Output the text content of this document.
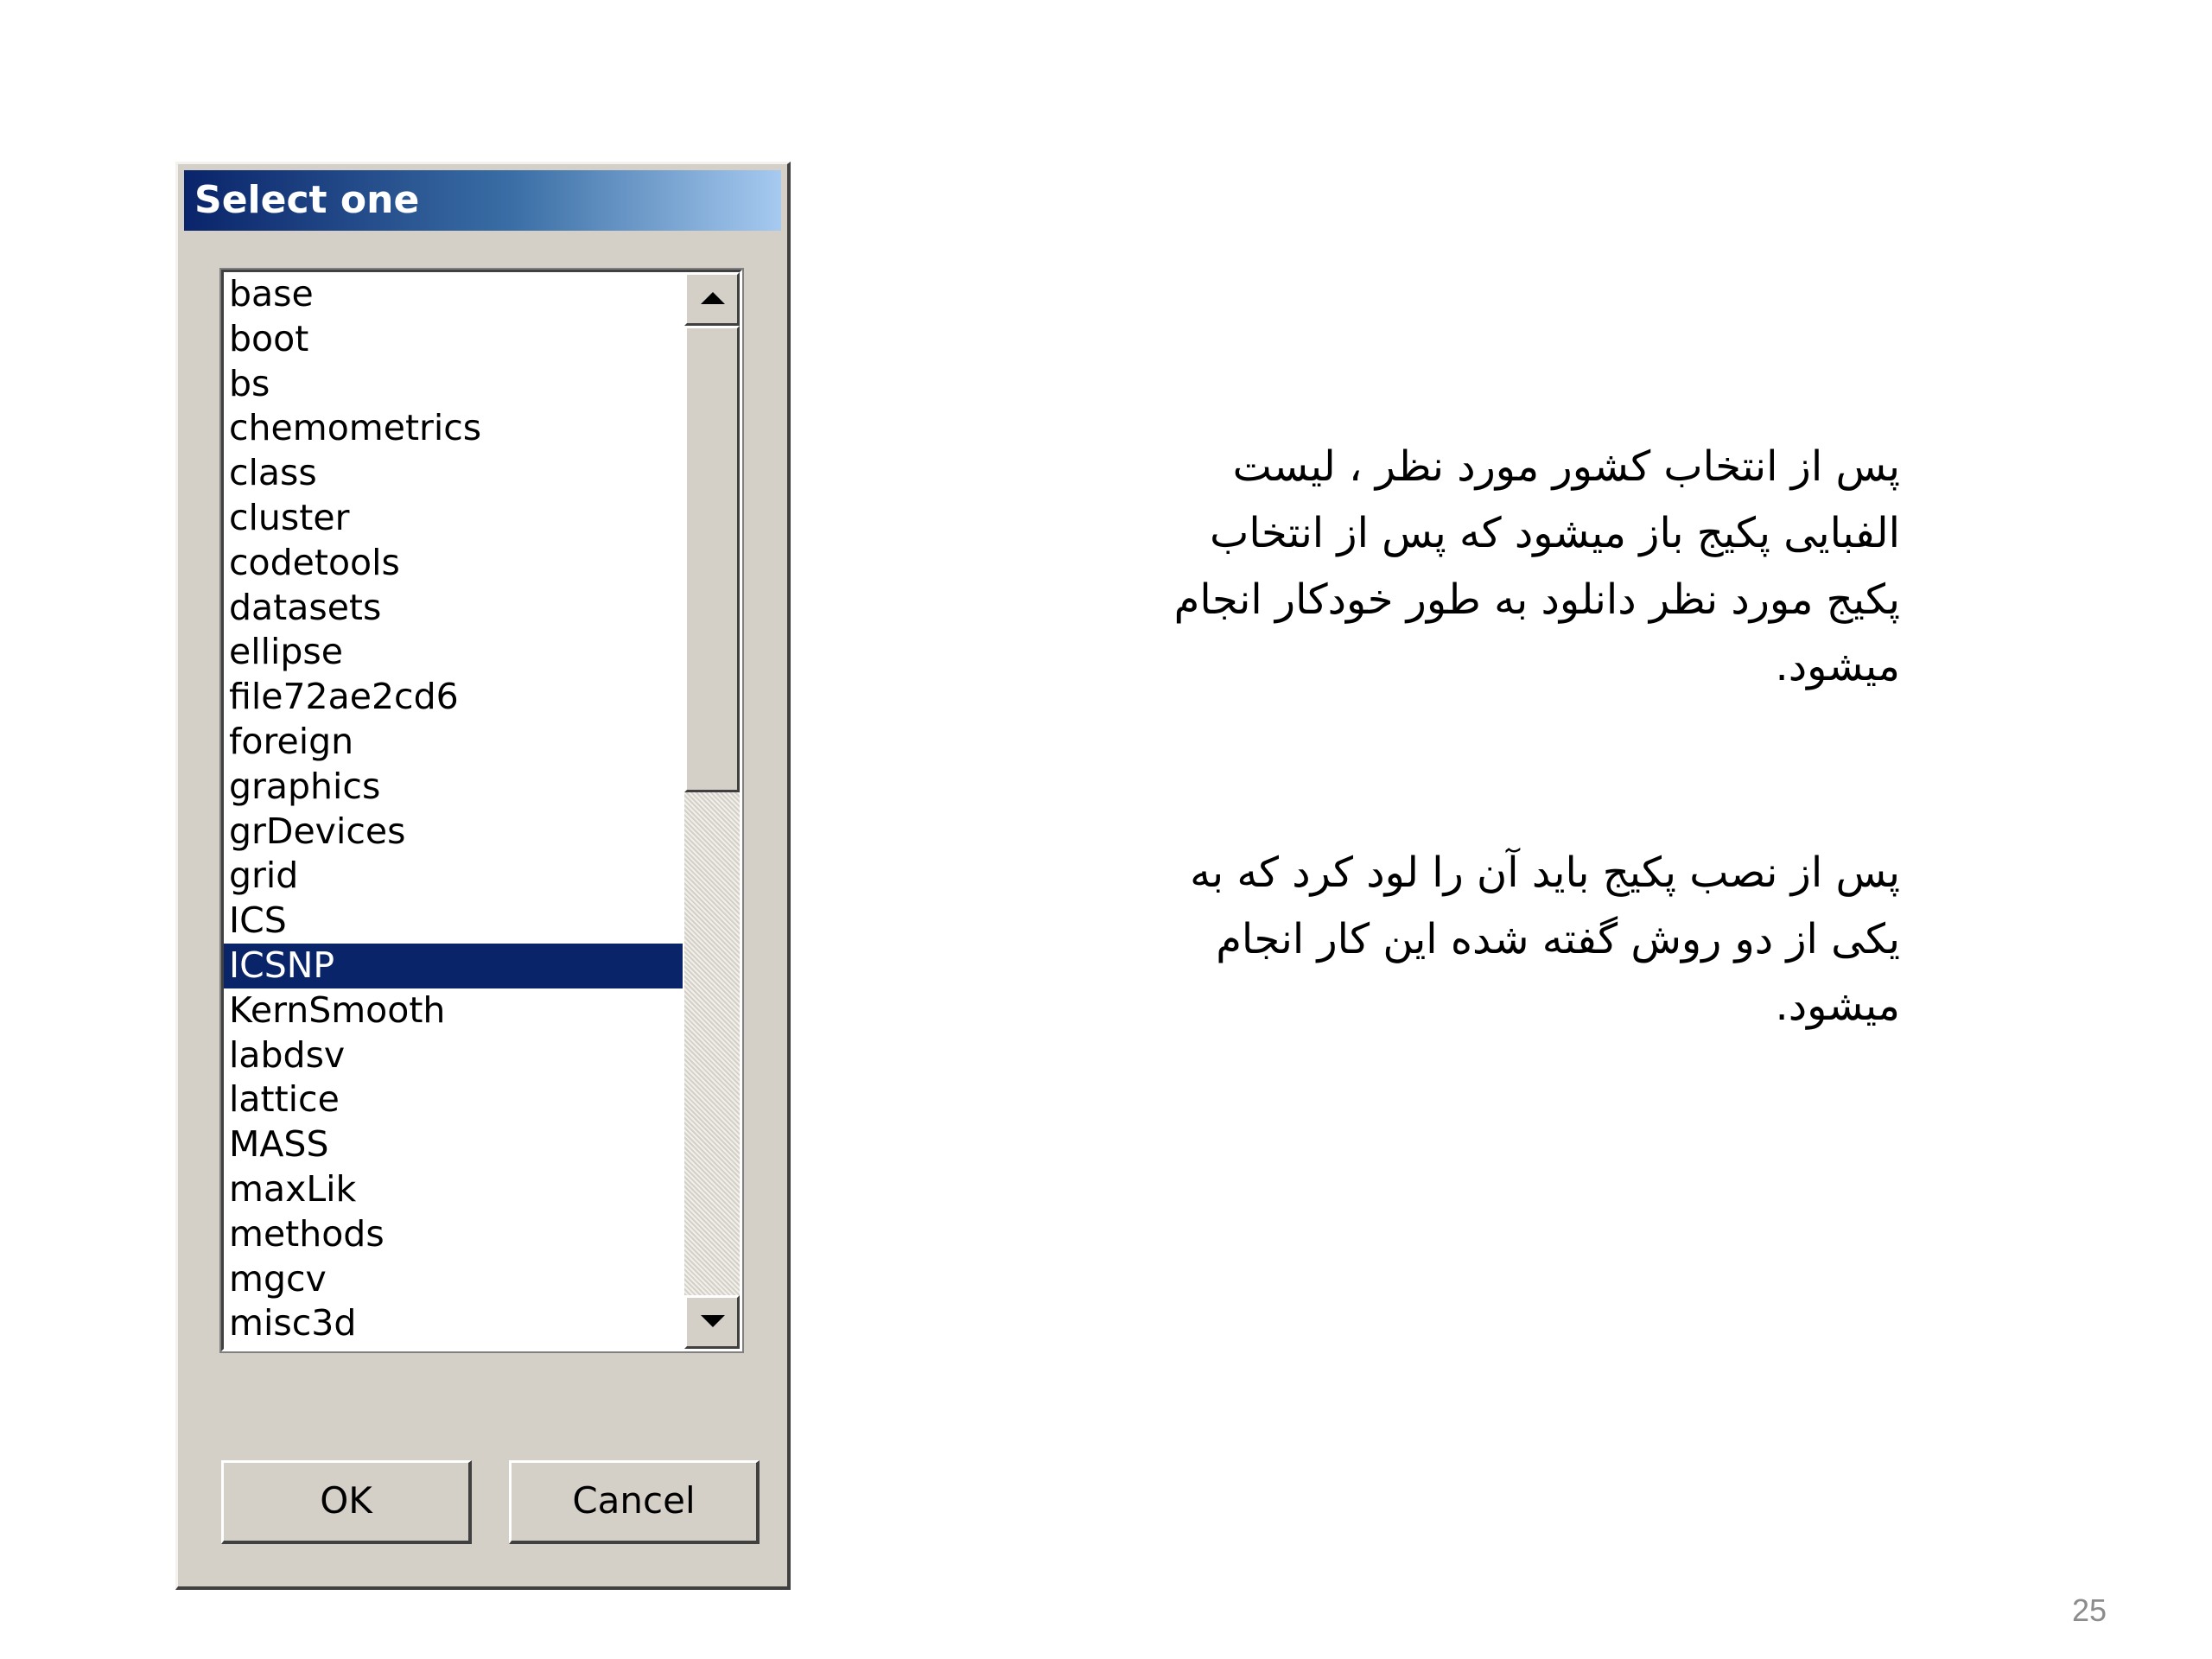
Select one
base
boot
bs
chemometrics
class
cluster
codetools
datasets
ellipse
file72ae2cd6
foreign
graphics
grDevices
grid
ICS
ICSNP
KernSmooth
labdsv
lattice
MASS
maxLik
methods
mgcv
misc3d
OK	Cancel
پس از انتخاب کشور مورد نظر ، لیست
الفبایی پکیج باز میشود که پس از انتخاب
پکیج مورد نظر دانلود به طور خودکار انجام
میشود.
پس از نصب پکیج باید آن را لود کرد که به
یکی از دو روش گفته شده این کار انجام
میشود.
25
